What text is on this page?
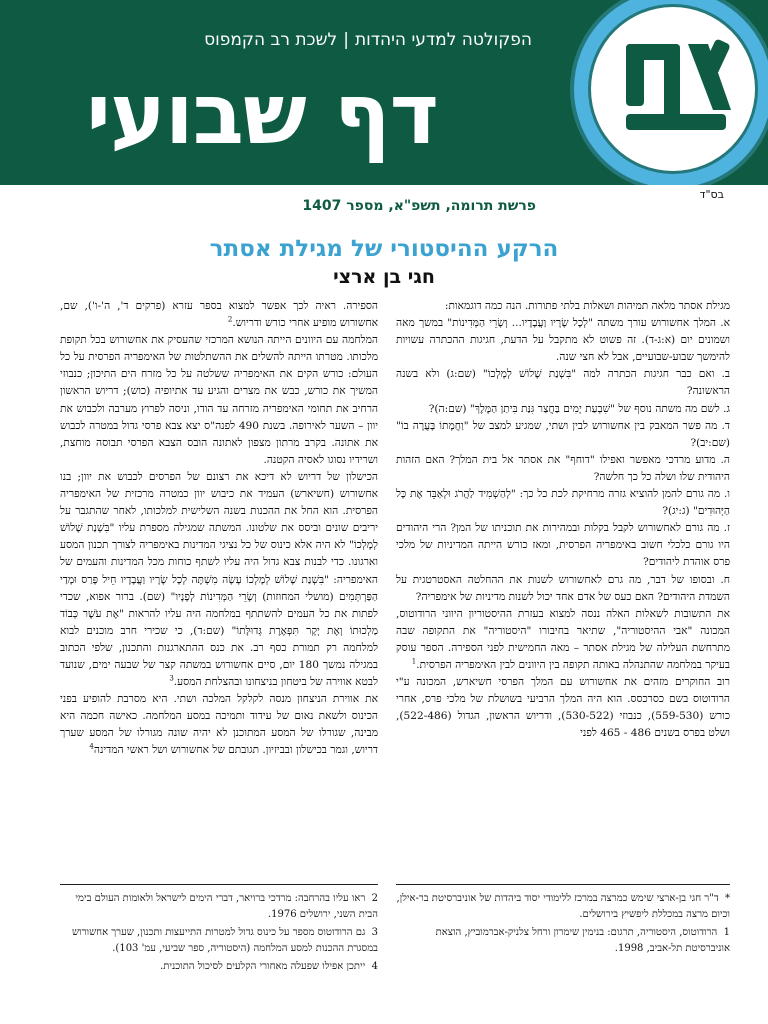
הפקולטה למדעי היהדות|לשכת רב הקמפוס
דף שבועי
בס"ד
פרשת תרומה, תשפ"א, מספר 1407
הרקע ההיסטורי של מגילת אסתר
חגי בן ארצי

מגילת אסתר מלאה תמיהות ושאלות בלתי פתורות. הנה כמה דוגמאות:

א. המלך אחשורוש עורך משתה "לְכָל שָׂרָיו וַעֲבָדָיו... וְשָׂרֵי הַמְּדִינוֹת" במשך מאה ושמונים יום (א:ג-ד). זה פשוט לא מתקבל על הדעת, חגיגות ההכתרה עשויות להימשך שבוע-שבועיים, אבל לא חצי שנה.

ב. ואם כבר חגיגות הכתרה למה "בִּשְׁנַת שָׁלוֹשׁ לְמָלְכוֹ" (שם:ג) ולא בשנה הראשונה?

ג. לשם מה משתה נוסף של "שִׁבְעַת יָמִים בַּחֲצַר גִּנַּת בִּיתַן הַמֶּלֶךְ" (שם:ה)?

ד. מה פשר המאבק בין אחשורוש לבין ושתי, שמגיע למצב של "וַחֲמָתוֹ בָּעֲרָה בוֹ" (שם:יב)?

ה. מדוע מרדכי מאפשר ואפילו "דוחף" את אסתר אל בית המלך? האם הזהות היהודית שלו ושלה כל כך חלשה?

ו. מה גורם להמן להוציא גזרה מרחיקת לכת כל כך: "לְהַשְׁמִיד לַהֲרֹג וּלְאַבֵּד אֶת כָּל הַיְּהוּדִים" (ג:יג)?

ז. מה גורם לאחשורוש לקבל בקלות ובמהירות את תוכניתו של המן? הרי היהודים היו גורם כלכלי חשוב באימפריה הפרסית, ומאז כורש הייתה המדיניות של מלכי פרס אוהדת ליהודים?

ח. ובסופו של דבר, מה גרם לאחשורוש לשנות את ההחלטה האסטרטגית על השמדת היהודים? האם כעס של אדם אחד יכול לשנות מדיניות של אימפריה?

את התשובות לשאלות האלה ננסה למצוא בעזרת ההיסטוריון היווני הרודוטוס, המכונה "אבי ההיסטוריה", שתיאר בחיבורו "היסטוריה" את התקופה שבה מתרחשת העלילה של מגילת אסתר – מאה החמישית לפני הספירה. הספר עוסק בעיקר במלחמה שהתנהלה באותה תקופה בין היוונים לבין האימפריה הפרסית.$^1$

רוב החוקרים מזהים את אחשורוש עם המלך הפרסי חשיארש, המכונה ע"י הרודוטוס בשם כסרכסס. הוא היה המלך הרביעי בשושלת של מלכי פרס, אחרי כורש (559-530), כנבוזי (530-522), ודריוש הראשון, הגדול (522-486), ושלט בפרס בשנים 486 - 465 לפני

הספירה. ראיה לכך אפשר למצוא בספר עזרא (פרקים ד', ה'-ו'), שם, אחשורוש מופיע אחרי כורש ודריוש.$^2$

המלחמה עם היוונים הייתה הנושא המרכזי שהעסיק את אחשורוש בכל תקופת מלכותו. מטרתו הייתה להשלים את ההשתלטות של האימפריה הפרסית על כל העולם: כורש הקים את האימפריה ששלטה על כל מזרח הים התיכון; כנבוזי המשיך את כורש, כבש את מצרים והגיע עד אתיופיה (כוש); דריוש הראשון הרחיב את תחומי האימפריה מזרחה עד הודו, וניסה לפרוץ מערבה ולכבוש את יוון – השער לאירופה. בשנת 490 לפנה"ס יצא צבא פרסי גדול במטרה לכבוש את אתונה. בקרב מרתון מצפון לאתונה הובס הצבא הפרסי תבוסה מוחצת, ושרידיו נסוגו לאסיה הקטנה.

הכישלון של דריוש לא דיכא את רצונם של הפרסים לכבוש את יוון; בנו אחשורוש (חשיארש) העמיד את כיבוש יוון כמטרה מרכזית של האימפריה הפרסית. הוא החל את ההכנות בשנה השלישית למלכותו, לאחר שהתגבר על יריבים שונים וביסס את שלטונו. המשתה שמגילה מספרת עליו "בִּשְׁנַת שָׁלוֹשׁ לְמָלְכוֹ" לא היה אלא כינוס של כל נציגי המדינות באימפריה לצורך תכנון המסע וארגונו. כדי לבנות צבא גדול היה עליו לשתף כוחות מכל המדינות והעמים של האימפריה: "בִּשְׁנַת שָׁלוֹשׁ לְמָלְכוֹ עָשָׂה מִשְׁתֶּה לְכָל שָׂרָיו וַעֲבָדָיו חֵיל פָּרַס וּמָדַי הַפַּרְתְּמִים (מושלי המחוזות) וְשָׂרֵי הַמְּדִינוֹת לְפָנָיו" (שם). ברור אפוא, שכדי לפתות את כל העמים להשתתף במלחמה היה עליו להראות "אֶת עֹשֶׁר כְּבוֹד מַלְכוּתוֹ וְאֶת יְקָר תִּפְאֶרֶת גְּדוּלָּתוֹ" (שם:ד), כי שכירי חרב מוכנים לבוא למלחמה רק תמורת כסף רב. את כנס ההתארגנות והתכנון, שלפי הכתוב במגילה נמשך 180 יום, סיים אחשורוש במשתה קצר של שבעה ימים, שנועד לבטא אווירה של ביטחון בניצחונו ובהצלחת המסע.$^3$

את אווירת הניצחון מנסה לקלקל המלכה ושתי. היא מסרבת להופיע בפני הכינוס ולשאת נאום של עידוד ותמיכה במסע המלחמה. כאישה חכמה היא מבינה, שגורלו של המסע המתוכנן לא יהיה שונה מגורלו של המסע שערך דריוש, וגמר בכישלון ובביזיון. תגובתם של אחשורוש ושל ראשי המדינה$^4$

*  ד"ר חגי בן-ארצי שימש כמרצה במרכז ללימודי יסוד ביהדות של אוניברסיטת בר-אילן, וכיום מרצה במכללת ליפשיץ בירושלים.

1  הרודוטוס, היסטוריה, תרגום: בנימין שימרון ורחל צלניק-אברמוביץ, הוצאת אוניברסיטת תל-אביב, 1998.

2  ראו עליו בהרחבה: מרדכי ברויאר, דברי הימים לישראל ולאומות העולם בימי הבית השני, ירושלים 1976.

3  גם הרודוטוס מספר על כינוס גדול למטרות התייעצות ותכנון, שערך אחשורוש במסגרת ההכנות למסע המלחמה (היסטוריה, ספר שביעי, עמ' 103).

4  ייתכן אפילו שפעלה מאחורי הקלעים לסיכול התוכנית.
